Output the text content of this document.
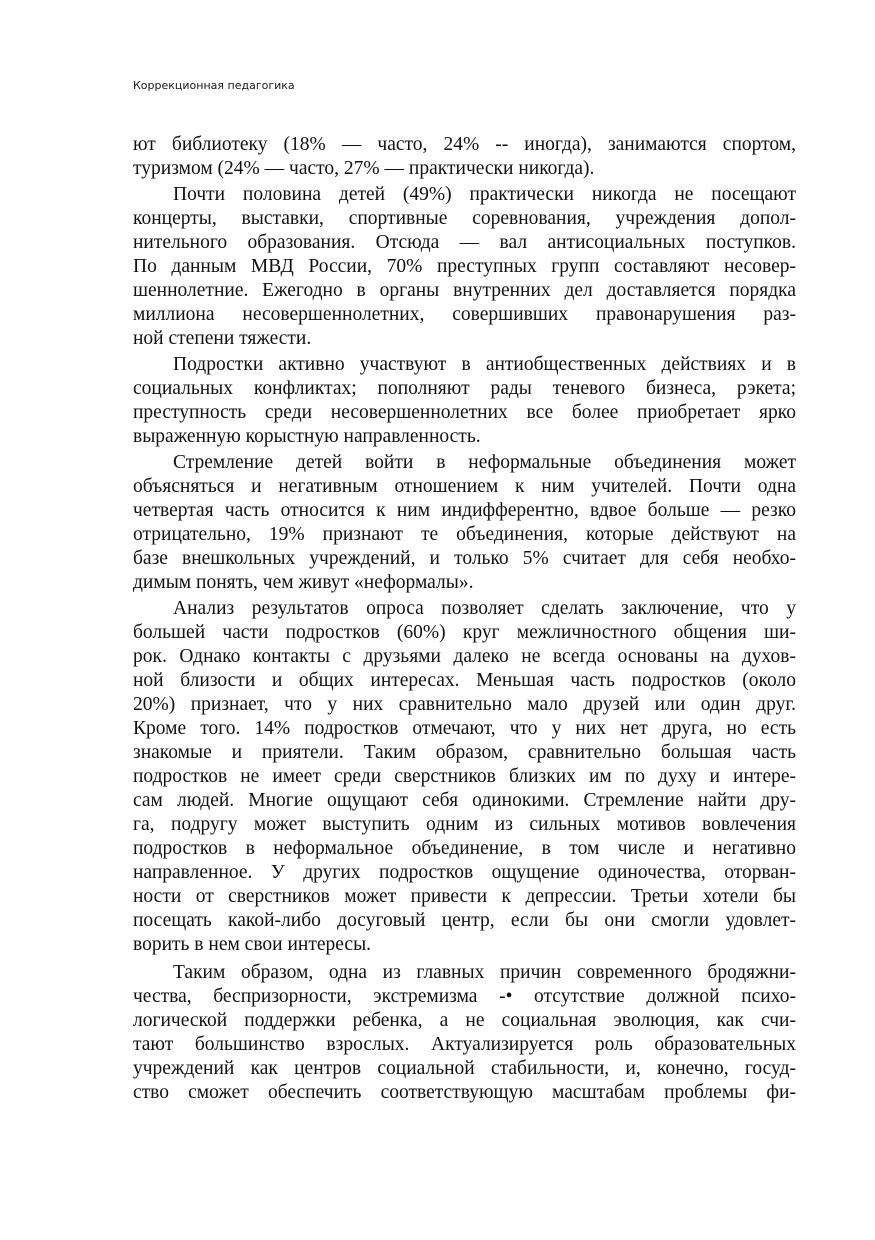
Коррекционная педагогика
ют библиотеку (18% — часто, 24% -- иногда), занимаются спортом,
туризмом (24% — часто, 27% — практически никогда).
Почти половина детей (49%) практически никогда не посещают
концерты, выставки, спортивные соревнования, учреждения допол-
нительного образования. Отсюда — вал антисоциальных поступков.
По данным МВД России, 70% преступных групп составляют несовер-
шеннолетние. Ежегодно в органы внутренних дел доставляется порядка
миллиона несовершеннолетних, совершивших правонарушения раз-
ной степени тяжести.
Подростки активно участвуют в антиобщественных действиях и в
социальных конфликтах; пополняют рады теневого бизнеса, рэкета;
преступность среди несовершеннолетних все более приобретает ярко
выраженную корыстную направленность.
Стремление детей войти в неформальные объединения может
объясняться и негативным отношением к ним учителей. Почти одна
четвертая часть относится к ним индифферентно, вдвое больше — резко
отрицательно, 19% признают те объединения, которые действуют на
базе внешкольных учреждений, и только 5% считает для себя необхо-
димым понять, чем живут «неформалы».
Анализ результатов опроса позволяет сделать заключение, что у
большей части подростков (60%) круг межличностного общения ши-
рок. Однако контакты с друзьями далеко не всегда основаны на духов-
ной близости и общих интересах. Меньшая часть подростков (около
20%) признает, что у них сравнительно мало друзей или один друг.
Кроме того. 14% подростков отмечают, что у них нет друга, но есть
знакомые и приятели. Таким образом, сравнительно большая часть
подростков не имеет среди сверстников близких им по духу и интере-
сам людей. Многие ощущают себя одинокими. Стремление найти дру-
га, подругу может выступить одним из сильных мотивов вовлечения
подростков в неформальное объединение, в том числе и негативно
направленное. У других подростков ощущение одиночества, оторван-
ности от сверстников может привести к депрессии. Третьи хотели бы
посещать какой-либо досуговый центр, если бы они смогли удовлет-
ворить в нем свои интересы.
Таким образом, одна из главных причин современного бродяжни-
чества, беспризорности, экстремизма -• отсутствие должной психо-
логической поддержки ребенка, а не социальная эволюция, как счи-
тают большинство взрослых. Актуализируется роль образовательных
учреждений как центров социальной стабильности, и, конечно, госуд-
ство сможет обеспечить соответствующую масштабам проблемы фи-
